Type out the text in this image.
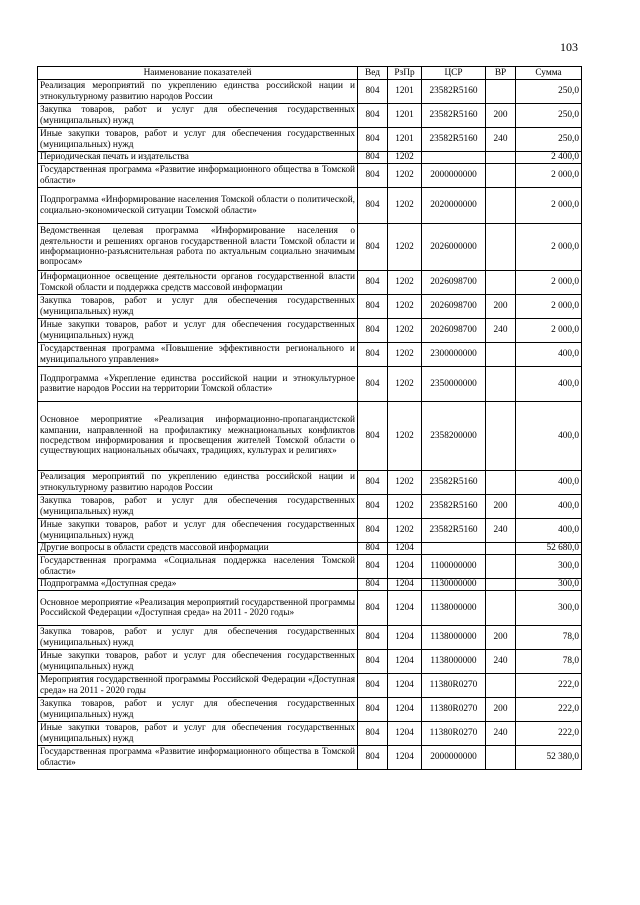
103
Наименование показателей	Вед	РзПр	ЦСР	ВР	Сумма
Реализация мероприятий по укреплению единства российской нации и этнокультурному развитию народов России	804	1201	23582R5160		250,0
Закупка товаров, работ и услуг для обеспечения государственных (муниципальных) нужд	804	1201	23582R5160	200	250,0
Иные закупки товаров, работ и услуг для обеспечения государственных (муниципальных) нужд	804	1201	23582R5160	240	250,0
Периодическая печать и издательства	804	1202			2 400,0
Государственная программа «Развитие информационного общества в Томской области»	804	1202	2000000000		2 000,0
Подпрограмма «Информирование населения Томской области о политической, социально-экономической ситуации Томской области»	804	1202	2020000000		2 000,0
Ведомственная целевая программа «Информирование населения о деятельности и решениях органов государственной власти Томской области и информационно-разъяснительная работа по актуальным социально значимым вопросам»	804	1202	2026000000		2 000,0
Информационное освещение деятельности органов государственной власти Томской области и поддержка средств массовой информации	804	1202	2026098700		2 000,0
Закупка товаров, работ и услуг для обеспечения государственных (муниципальных) нужд	804	1202	2026098700	200	2 000,0
Иные закупки товаров, работ и услуг для обеспечения государственных (муниципальных) нужд	804	1202	2026098700	240	2 000,0
Государственная программа «Повышение эффективности регионального и муниципального управления»	804	1202	2300000000		400,0
Подпрограмма «Укрепление единства российской нации и этнокультурное развитие народов России на территории Томской области»	804	1202	2350000000		400,0
Основное мероприятие «Реализация информационно-пропагандистской кампании, направленной на профилактику межнациональных конфликтов посредством информирования и просвещения жителей Томской области о существующих национальных обычаях, традициях, культурах и религиях»	804	1202	2358200000		400,0
Реализация мероприятий по укреплению единства российской нации и этнокультурному развитию народов России	804	1202	23582R5160		400,0
Закупка товаров, работ и услуг для обеспечения государственных (муниципальных) нужд	804	1202	23582R5160	200	400,0
Иные закупки товаров, работ и услуг для обеспечения государственных (муниципальных) нужд	804	1202	23582R5160	240	400,0
Другие вопросы в области средств массовой информации	804	1204			52 680,0
Государственная программа «Социальная поддержка населения Томской области»	804	1204	1100000000		300,0
Подпрограмма «Доступная среда»	804	1204	1130000000		300,0
Основное мероприятие «Реализация мероприятий государственной программы Российской Федерации «Доступная среда» на 2011 - 2020 годы»	804	1204	1138000000		300,0
Закупка товаров, работ и услуг для обеспечения государственных (муниципальных) нужд	804	1204	1138000000	200	78,0
Иные закупки товаров, работ и услуг для обеспечения государственных (муниципальных) нужд	804	1204	1138000000	240	78,0
Мероприятия государственной программы Российской Федерации «Доступная среда» на 2011 - 2020 годы	804	1204	11380R0270		222,0
Закупка товаров, работ и услуг для обеспечения государственных (муниципальных) нужд	804	1204	11380R0270	200	222,0
Иные закупки товаров, работ и услуг для обеспечения государственных (муниципальных) нужд	804	1204	11380R0270	240	222,0
Государственная программа «Развитие информационного общества в Томской области»	804	1204	2000000000		52 380,0
